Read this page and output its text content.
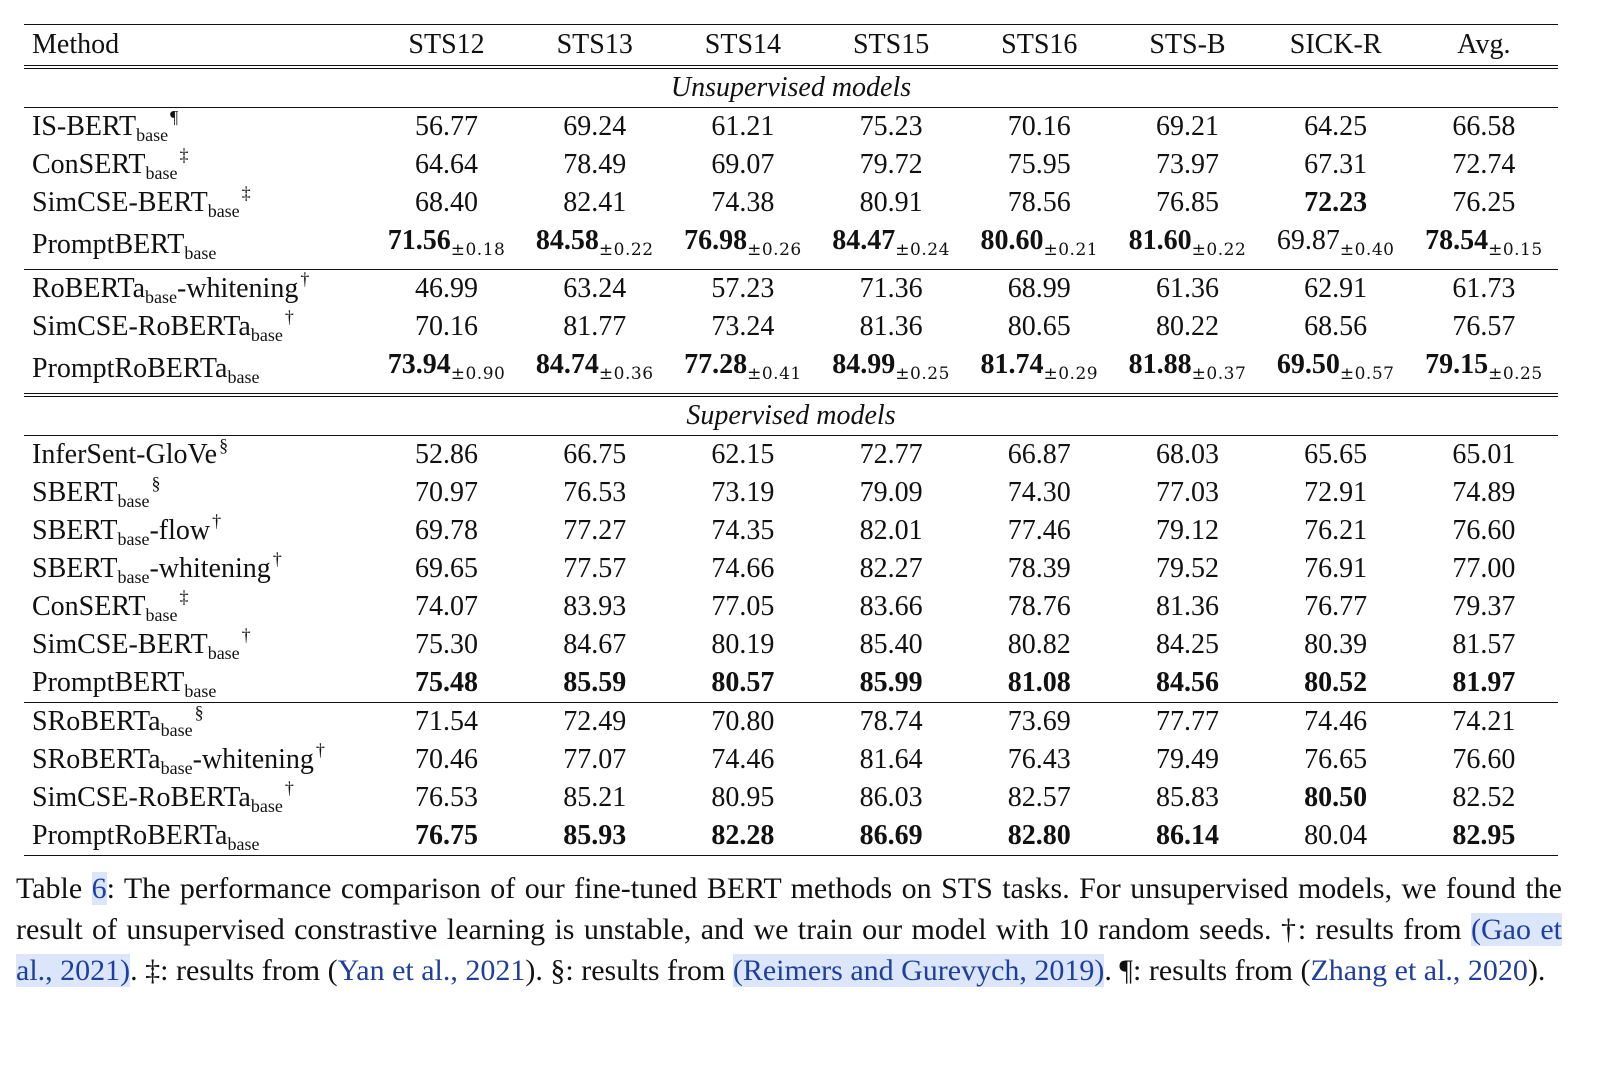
Method	STS12	STS13	STS14	STS15	STS16	STS-B	SICK-R	Avg.
Unsupervised models								
$IS-BERT_{base}^\P$	56.77	69.24	61.21	75.23	70.16	69.21	64.25	66.58
ConSERT$_{base}$‡	64.64	78.49	69.07	79.72	75.95	73.97	67.31	72.74
SimCSE-$BERT_{base}^\ddagger$	68.40	82.41	74.38	80.91	78.56	76.85	72.23	76.25
PromptBERT$_{base}$	$71.56_{\pm 0.18}$	$84.58_{\pm 0.22}$	$76.98_{\pm 0.26}$	$84.47_{\pm 0.24}$	$80.60_{\pm 0.21}$	$81.60_{\pm 0.22}$	$69.87_{\pm 0.40}$	$78.54_{\pm 0.15}$
RoBERTa$_{base}$-whitening †	46.99	63.24	57.23	71.36	68.99	61.36	62.91	61.73
SimCSE-RoBERTa$_{base}$†	70.16	81.77	73.24	81.36	80.65	80.22	68.56	76.57
PromptRoBERTa$_{base}$	$73.94_{\pm 0.90}$	$84.74_{\pm 0.36}$	$77.28_{\pm 0.41}$	$84.99_{\pm 0.25}$	$81.74_{\pm 0.29}$	$81.88_{\pm 0.37}$	$69.50_{\pm 0.57}$	$79.15_{\pm 0.25}$
Supervised models								
InferSent-GloVe §	52.86	66.75	62.15	72.77	66.87	68.03	65.65	65.01
$SBERT_{base}^\S$	70.97	76.53	73.19	79.09	74.30	77.03	72.91	74.89
$SBERT_{base}$-flow †	69.78	77.27	74.35	82.01	77.46	79.12	76.21	76.60
$SBERT_{base}$-whitening †	69.65	77.57	74.66	82.27	78.39	79.52	76.91	77.00
ConSERT$_{base}$‡	74.07	83.93	77.05	83.66	78.76	81.36	76.77	79.37
SimCSE-$BERT_{base}^\dagger$	75.30	84.67	80.19	85.40	80.82	84.25	80.39	81.57
PromptBERT$_{base}$	75.48	85.59	80.57	85.99	81.08	84.56	80.52	81.97
SRoBERTa$_{base}$§	71.54	72.49	70.80	78.74	73.69	77.77	74.46	74.21
SRoBERTa$_{base}$-whitening †	70.46	77.07	74.46	81.64	76.43	79.49	76.65	76.60
SimCSE-RoBERTa$_{base}$†	76.53	85.21	80.95	86.03	82.57	85.83	80.50	82.52
PromptRoBERTa$_{base}$	76.75	85.93	82.28	86.69	82.80	86.14	80.04	82.95
Table 6: The performance comparison of our fine-tuned BERT methods on STS tasks. For unsupervised models, we found the result of unsupervised constrastive learning is unstable, and we train our model with 10 random seeds. †: results from (Gao et al., 2021). ‡: results from (Yan et al., 2021). §: results from (Reimers and Gurevych, 2019). ¶: results from (Zhang et al., 2020).
